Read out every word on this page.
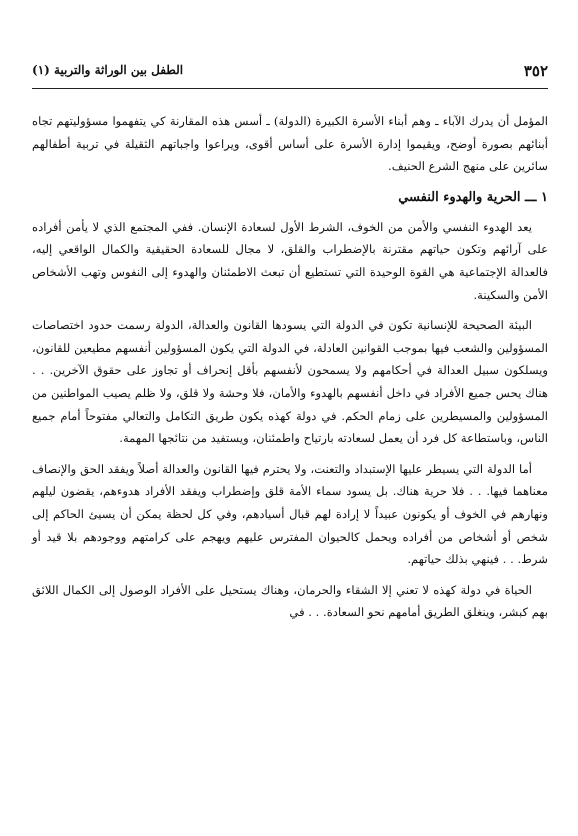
٣٥٢
الطفل بين الوراثة والتربية (١)

المؤمل أن يدرك الآباء ـ وهم أبناء الأسرة الكبيرة (الدولة) ـ أسس هذه المقارنة كي يتفهموا مسؤوليتهم تجاه أبنائهم بصورة أوضح، ويقيموا إدارة الأسرة على أساس أقوى، ويراعوا واجباتهم الثقيلة في تربية أطفالهم سائرين على منهج الشرع الحنيف.

١ ـــ الحرية والهدوء النفسي

يعد الهدوء النفسي والأمن من الخوف، الشرط الأول لسعادة الإنسان. ففي المجتمع الذي لا يأمن أفراده على آرائهم وتكون حياتهم مقترنة بالإضطراب والقلق، لا مجال للسعادة الحقيقية والكمال الواقعي إليه، فالعدالة الإجتماعية هي القوة الوحيدة التي تستطيع أن تبعث الاطمئنان والهدوء إلى النفوس وتهب الأشخاص الأمن والسكينة.

البيئة الصحيحة للإنسانية تكون في الدولة التي يسودها القانون والعدالة، الدولة رسمت حدود اختصاصات المسؤولين والشعب فيها بموجب القوانين العادلة، في الدولة التي يكون المسؤولين أنفسهم مطيعين للقانون، ويسلكون سبيل العدالة في أحكامهم ولا يسمحون لأنفسهم بأقل إنحراف أو تجاوز على حقوق الآخرين. . . هناك يحس جميع الأفراد في داخل أنفسهم بالهدوء والأمان، فلا وحشة ولا قلق، ولا ظلم يصيب المواطنين من المسؤولين والمسيطرين على زمام الحكم. في دولة كهذه يكون طريق التكامل والتعالي مفتوحاً أمام جميع الناس، وباستطاعة كل فرد أن يعمل لسعادته بارتياح واطمئنان، ويستفيد من نتائجها المهمة.

أما الدولة التي يسيطر عليها الإستبداد والتعنت، ولا يحترم فيها القانون والعدالة أصلاً ويفقد الحق والإنصاف معناهما فيها. . . فلا حرية هناك. بل يسود سماء الأمة قلق وإضطراب ويفقد الأفراد هدوءهم، يقضون ليلهم ونهارهم في الخوف أو يكونون عبيداً لا إرادة لهم قبال أسيادهم، وفي كل لحظة يمكن أن يسيئ الحاكم إلى شخص أو أشخاص من أفراده ويحمل كالحيوان المفترس عليهم ويهجم على كرامتهم ووجودهم بلا قيد أو شرط. . . فينهي بذلك حياتهم.

الحياة في دولة كهذه لا تعني إلا الشقاء والحرمان، وهناك يستحيل على الأفراد الوصول إلى الكمال اللائق بهم كبشر، وينغلق الطريق أمامهم نحو السعادة. . . في
